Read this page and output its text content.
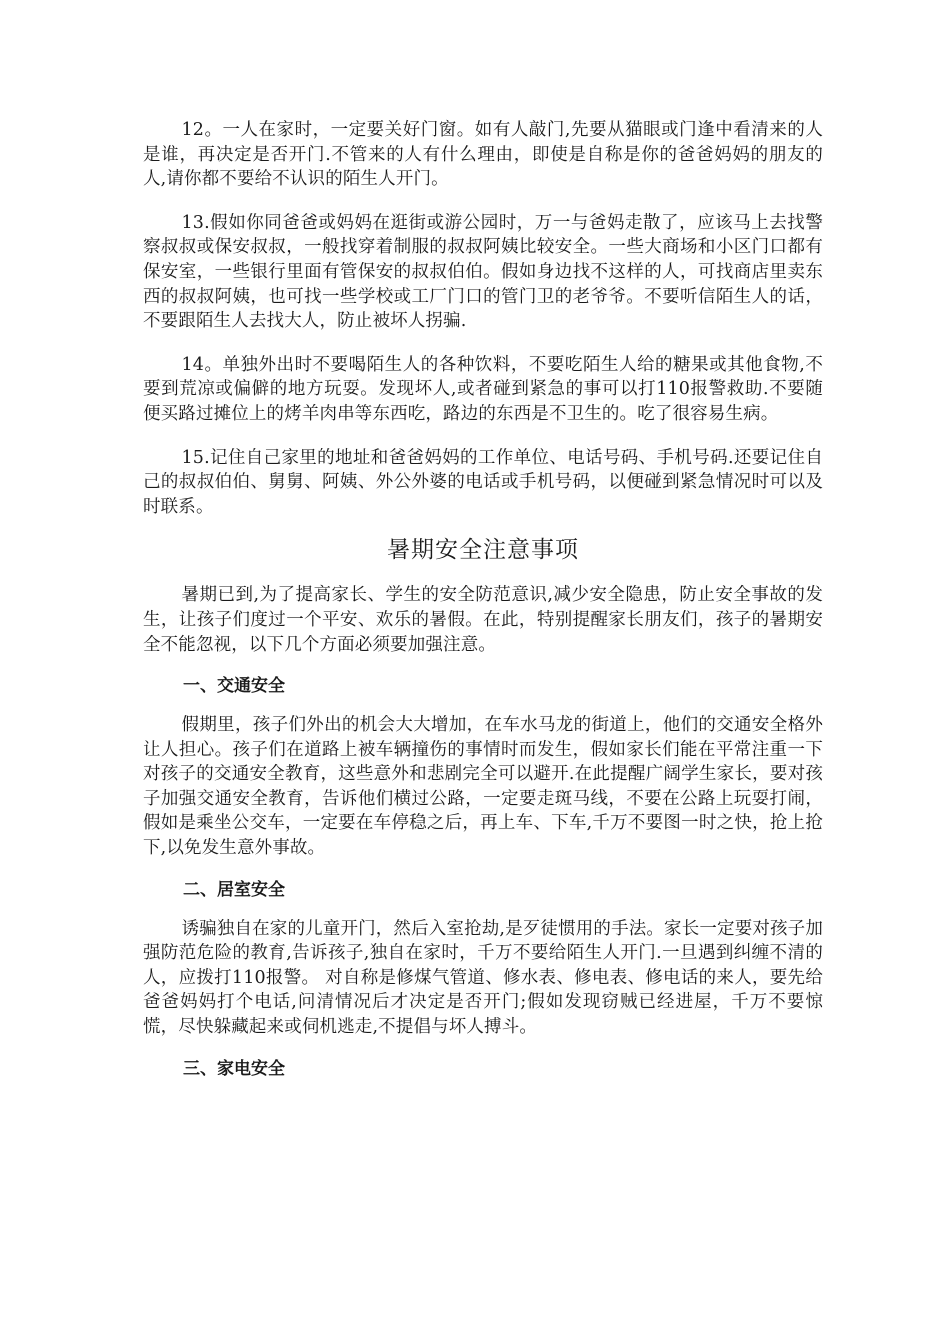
12。一人在家时，一定要关好门窗。如有人敲门,先要从猫眼或门逢中看清来的人是谁，再决定是否开门.不管来的人有什么理由，即使是自称是你的爸爸妈妈的朋友的人,请你都不要给不认识的陌生人开门。

13.假如你同爸爸或妈妈在逛街或游公园时，万一与爸妈走散了，应该马上去找警察叔叔或保安叔叔，一般找穿着制服的叔叔阿姨比较安全。一些大商场和小区门口都有保安室，一些银行里面有管保安的叔叔伯伯。假如身边找不这样的人，可找商店里卖东西的叔叔阿姨，也可找一些学校或工厂门口的管门卫的老爷爷。不要听信陌生人的话，不要跟陌生人去找大人，防止被坏人拐骗.

14。单独外出时不要喝陌生人的各种饮料，不要吃陌生人给的糖果或其他食物,不要到荒凉或偏僻的地方玩耍。发现坏人,或者碰到紧急的事可以打110报警救助.不要随便买路过摊位上的烤羊肉串等东西吃，路边的东西是不卫生的。吃了很容易生病。

15.记住自己家里的地址和爸爸妈妈的工作单位、电话号码、手机号码.还要记住自己的叔叔伯伯、舅舅、阿姨、外公外婆的电话或手机号码，以便碰到紧急情况时可以及时联系。

暑期安全注意事项

暑期已到,为了提高家长、学生的安全防范意识,减少安全隐患，防止安全事故的发生，让孩子们度过一个平安、欢乐的暑假。在此，特别提醒家长朋友们，孩子的暑期安全不能忽视，以下几个方面必须要加强注意。

一、交通安全

假期里，孩子们外出的机会大大增加，在车水马龙的街道上，他们的交通安全格外让人担心。孩子们在道路上被车辆撞伤的事情时而发生，假如家长们能在平常注重一下对孩子的交通安全教育，这些意外和悲剧完全可以避开.在此提醒广阔学生家长，要对孩子加强交通安全教育，告诉他们横过公路，一定要走斑马线，不要在公路上玩耍打闹，假如是乘坐公交车，一定要在车停稳之后，再上车、下车,千万不要图一时之快，抢上抢下,以免发生意外事故。

二、居室安全

诱骗独自在家的儿童开门，然后入室抢劫,是歹徒惯用的手法。家长一定要对孩子加强防范危险的教育,告诉孩子,独自在家时，千万不要给陌生人开门.一旦遇到纠缠不清的人，应拨打110报警。 对自称是修煤气管道、修水表、修电表、修电话的来人，要先给爸爸妈妈打个电话,问清情况后才决定是否开门;假如发现窃贼已经进屋，千万不要惊慌，尽快躲藏起来或伺机逃走,不提倡与坏人搏斗。

三、家电安全
